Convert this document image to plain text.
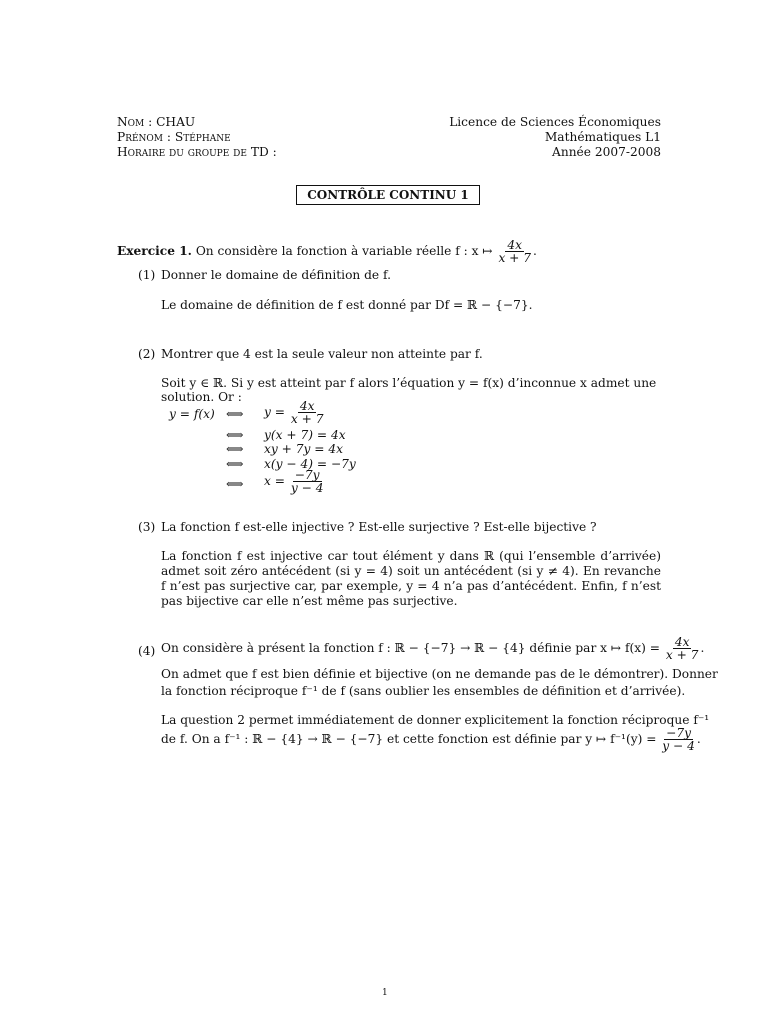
Nom : CHAU
Prénom : Stéphane
Horaire du groupe de TD :
Licence de Sciences Économiques
Mathématiques L1
Année 2007-2008
CONTRÔLE CONTINU 1
Exercice 1. On considère la fonction à variable réelle f : x ↦ $\frac{4x}{x + 7}$ .
(1) Donner le domaine de définition de f.
Le domaine de définition de f est donné par Df = ℝ − {−7}.
(2) Montrer que 4 est la seule valeur non atteinte par f.
Soit y ∈ ℝ. Si y est atteint par f alors l’équation y = f(x) d’inconnue x admet une
solution. Or :
y = f(x) ⟺ $y = \frac{4x}{x + 7}$
⟺ y(x + 7) = 4x
⟺ xy + 7y = 4x
⟺ x(y − 4) = −7y
⟺ $x = \frac{-7y}{y - 4}$
(3) La fonction f est-elle injective ? Est-elle surjective ? Est-elle bijective ?
La fonction f est injective car tout élément y dans ℝ (qui l’ensemble d’arrivée) admet soit zéro antécédent (si y = 4) soit un antécédent (si y ≠ 4). En revanche f n’est pas surjective car, par exemple, y = 4 n’a pas d’antécédent. Enfin, f n’est pas bijective car elle n’est même pas surjective.
(4) On considère à présent la fonction f : ℝ − {−7} → ℝ − {4} définie par x ↦ $f(x) = \frac{4x}{x + 7}$ .
On admet que f est bien définie et bijective (on ne demande pas de le démontrer). Donner
la fonction réciproque f⁻¹ de f (sans oublier les ensembles de définition et d’arrivée).
La question 2 permet immédiatement de donner explicitement la fonction réciproque f⁻¹
de f. On a f⁻¹ : ℝ − {4} → ℝ − {−7} et cette fonction est définie par y ↦ $f^{-1}(y) = \frac{-7y}{y - 4}$ .
1
